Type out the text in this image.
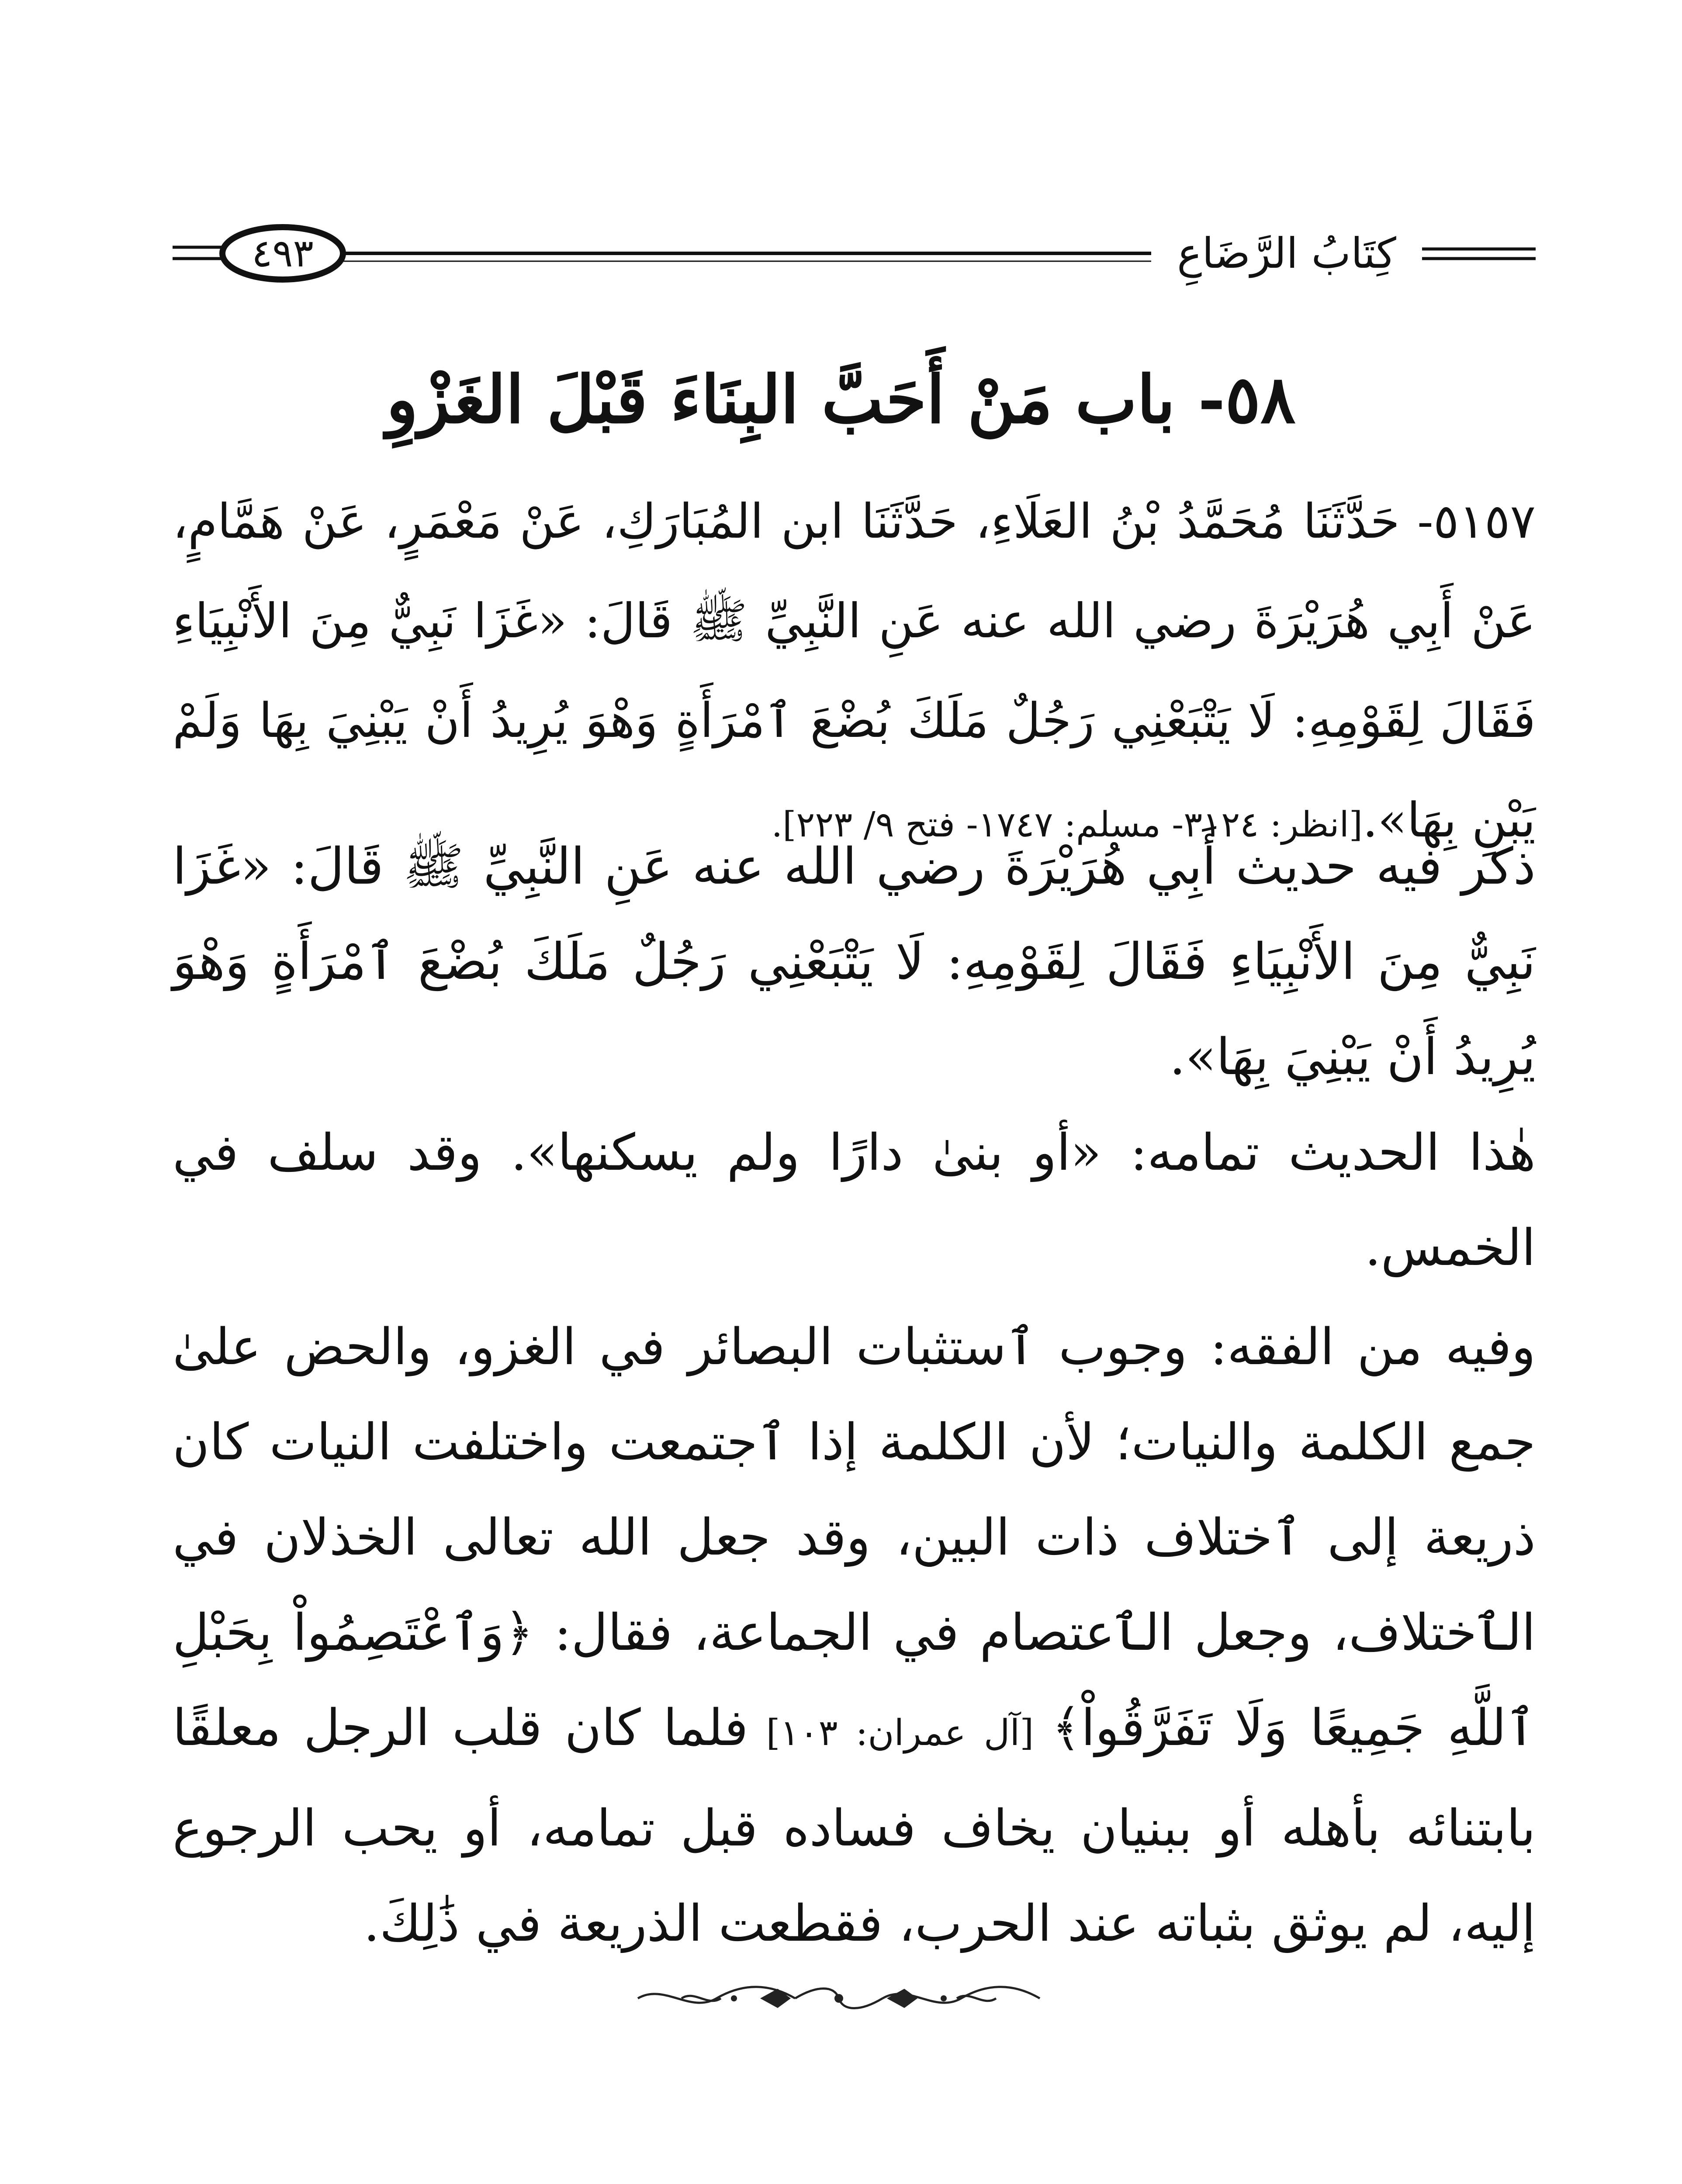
٤٩٣	كِتَابُ الرَّضَاعِ
٥٨- باب مَنْ أَحَبَّ البِنَاءَ قَبْلَ الغَزْوِ
٥١٥٧- حَدَّثَنَا مُحَمَّدُ بْنُ العَلَاءِ، حَدَّثَنَا ابن المُبَارَكِ، عَنْ مَعْمَرٍ، عَنْ هَمَّامٍ، عَنْ أَبِي هُرَيْرَةَ رضي الله عنه عَنِ النَّبِيِّ ﷺ قَالَ: «غَزَا نَبِيٌّ مِنَ الأَنْبِيَاءِ فَقَالَ لِقَوْمِهِ: لَا يَتْبَعْنِي رَجُلٌ مَلَكَ بُضْعَ ٱمْرَأَةٍ وَهْوَ يُرِيدُ أَنْ يَبْنِيَ بِهَا وَلَمْ يَبْنِ بِهَا».[انظر: ٣١٢٤- مسلم: ١٧٤٧- فتح ٩/ ٢٢٣].
ذكر فيه حديث أَبِي هُرَيْرَةَ رضي الله عنه عَنِ النَّبِيِّ ﷺ قَالَ: «غَزَا نَبِيٌّ مِنَ الأَنْبِيَاءِ فَقَالَ لِقَوْمِهِ: لَا يَتْبَعْنِي رَجُلٌ مَلَكَ بُضْعَ ٱمْرَأَةٍ وَهْوَ يُرِيدُ أَنْ يَبْنِيَ بِهَا».
هٰذا الحديث تمامه: «أو بنىٰ دارًا ولم يسكنها». وقد سلف في الخمس.
وفيه من الفقه: وجوب ٱستثبات البصائر في الغزو، والحض علىٰ جمع الكلمة والنيات؛ لأن الكلمة إذا ٱجتمعت واختلفت النيات كان ذريعة إلى ٱختلاف ذات البين، وقد جعل الله تعالى الخذلان في الٱختلاف، وجعل الٱعتصام في الجماعة، فقال: ﴿وَٱعْتَصِمُواْ بِحَبْلِ ٱللَّهِ جَمِيعًا وَلَا تَفَرَّقُواْ﴾ [آل عمران: ١٠٣] فلما كان قلب الرجل معلقًا بابتنائه بأهله أو ببنيان يخاف فساده قبل تمامه، أو يحب الرجوع إليه، لم يوثق بثباته عند الحرب، فقطعت الذريعة في ذَٰلِكَ.
